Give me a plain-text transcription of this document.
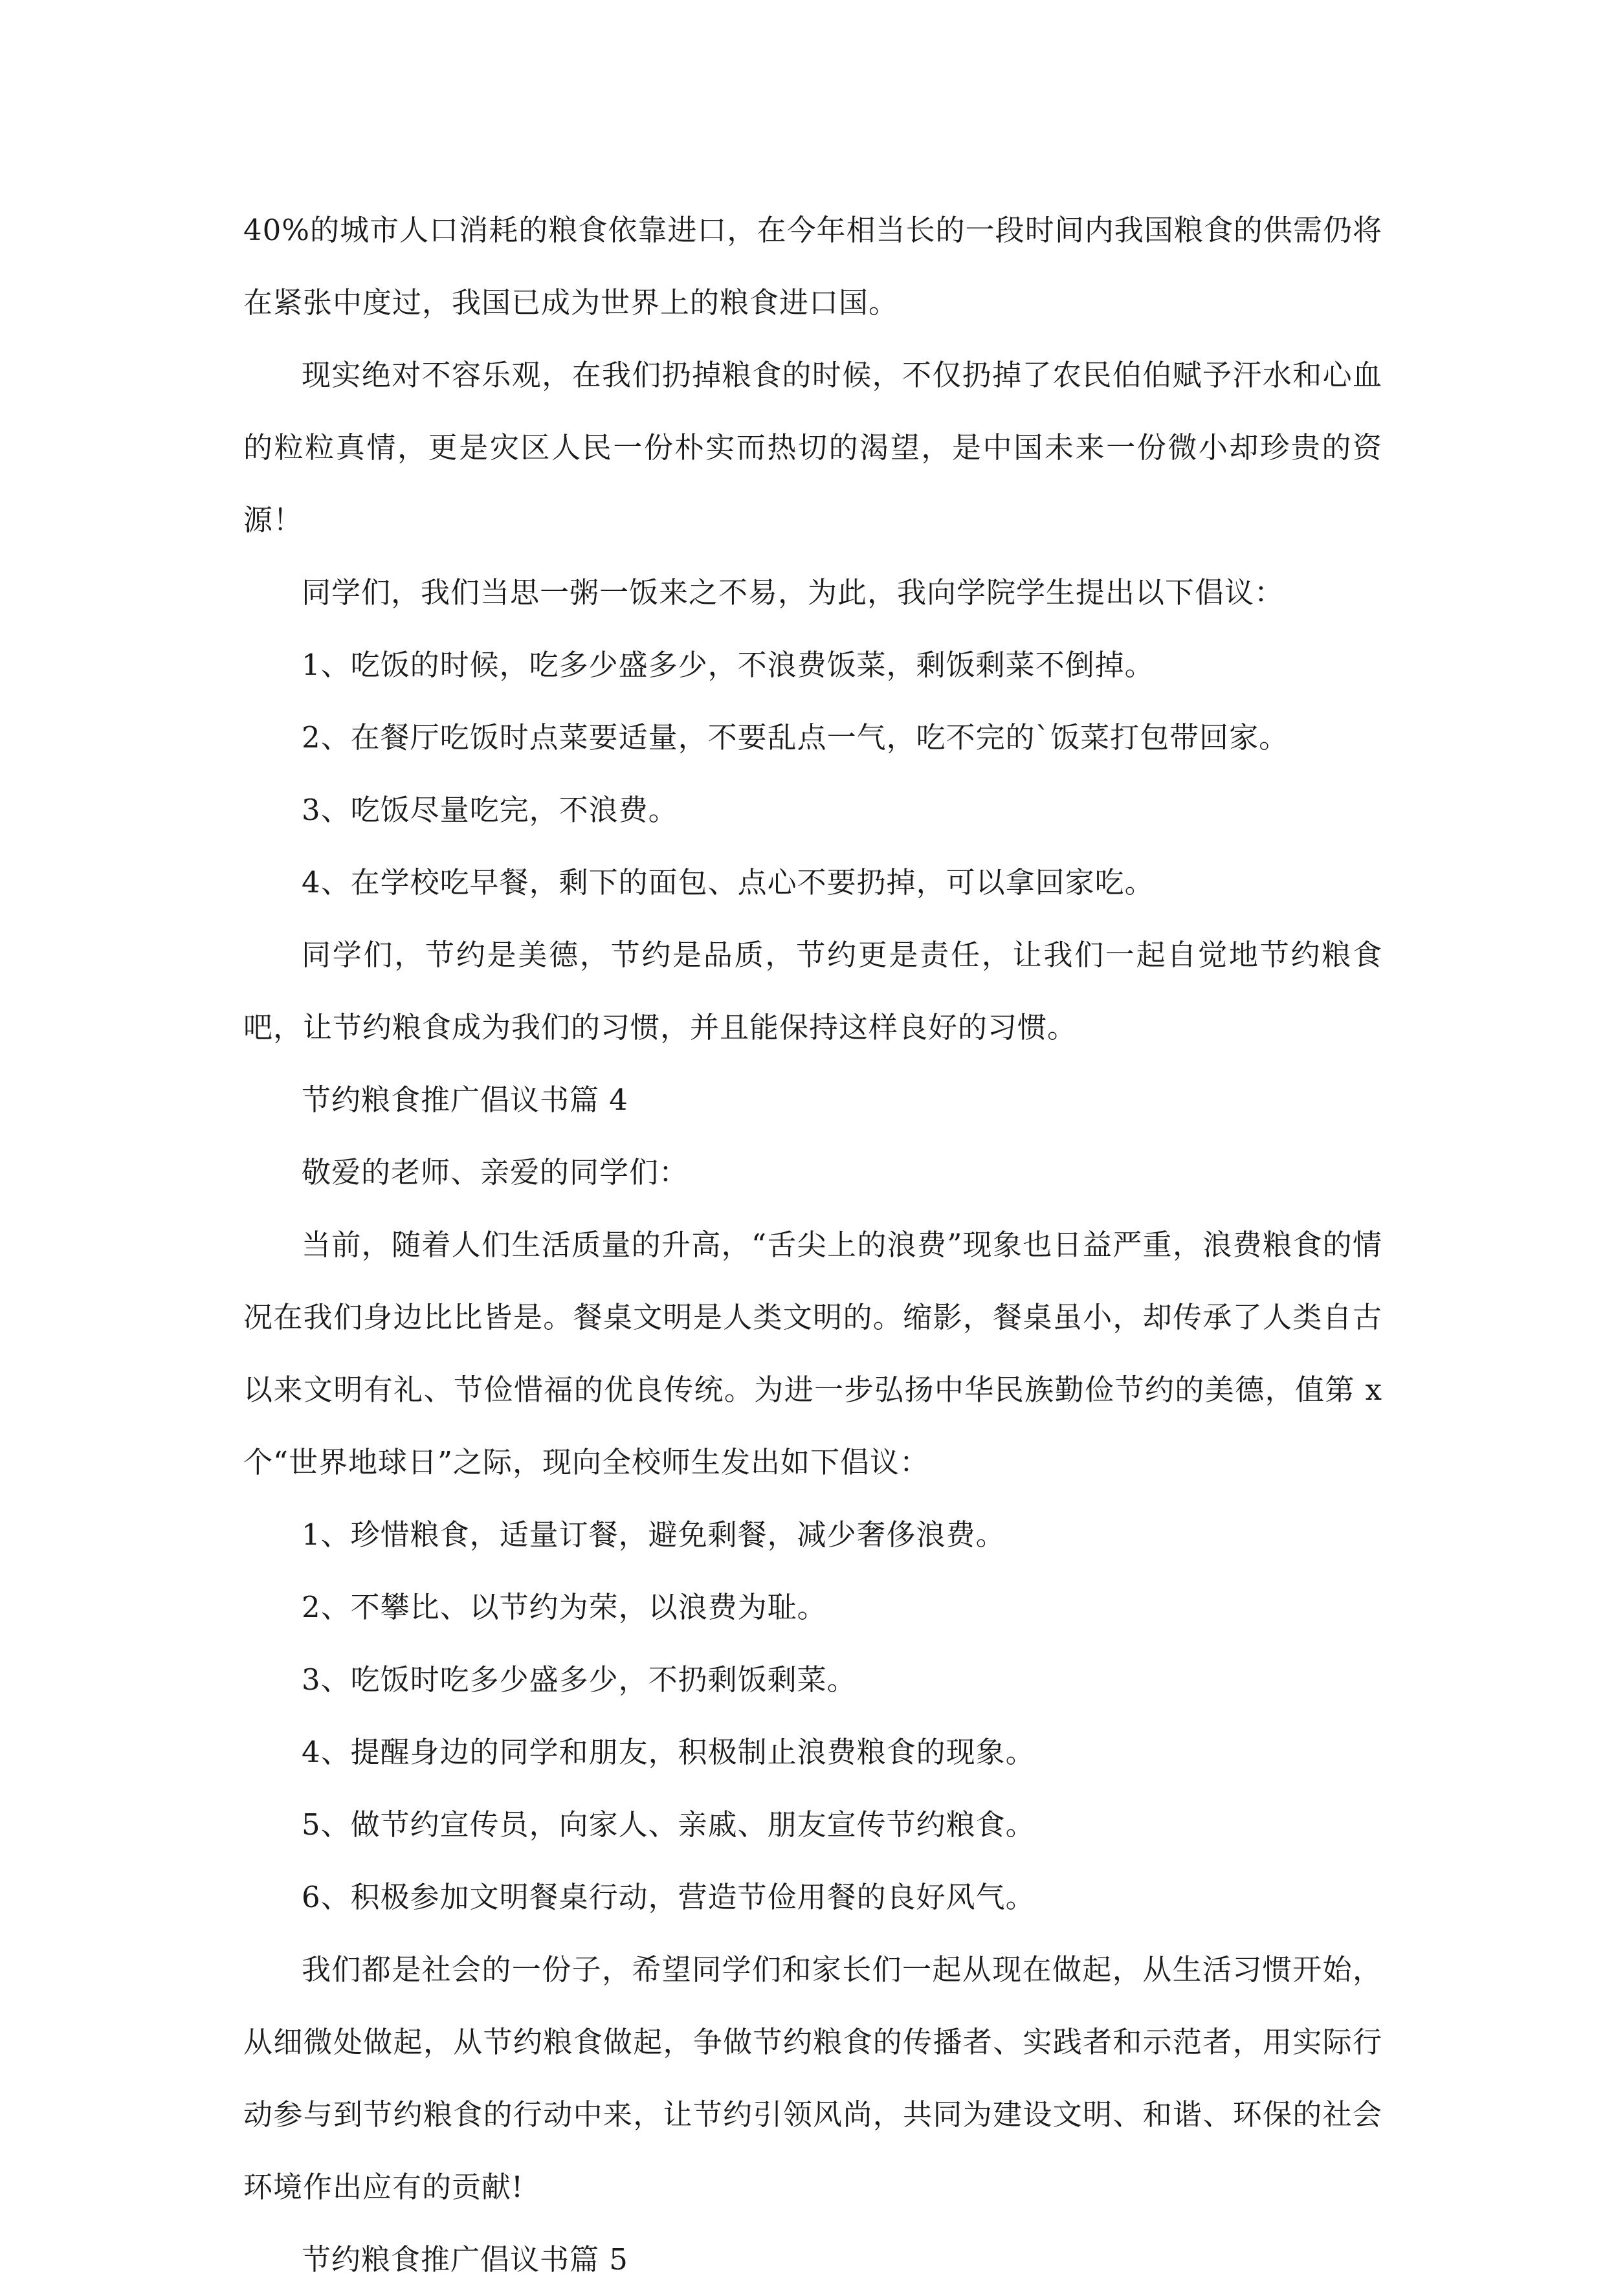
40%的城市人口消耗的粮食依靠进口，在今年相当长的一段时间内我国粮食的供需仍将在紧张中度过，我国已成为世界上的粮食进口国。

现实绝对不容乐观，在我们扔掉粮食的时候，不仅扔掉了农民伯伯赋予汗水和心血的粒粒真情，更是灾区人民一份朴实而热切的渴望，是中国未来一份微小却珍贵的资源！

同学们，我们当思一粥一饭来之不易，为此，我向学院学生提出以下倡议：

1、吃饭的时候，吃多少盛多少，不浪费饭菜，剩饭剩菜不倒掉。

2、在餐厅吃饭时点菜要适量，不要乱点一气，吃不完的`饭菜打包带回家。

3、吃饭尽量吃完，不浪费。

4、在学校吃早餐，剩下的面包、点心不要扔掉，可以拿回家吃。

同学们，节约是美德，节约是品质，节约更是责任，让我们一起自觉地节约粮食吧，让节约粮食成为我们的习惯，并且能保持这样良好的习惯。

节约粮食推广倡议书篇 4

敬爱的老师、亲爱的同学们：

当前，随着人们生活质量的升高，“舌尖上的浪费”现象也日益严重，浪费粮食的情况在我们身边比比皆是。餐桌文明是人类文明的。缩影，餐桌虽小，却传承了人类自古以来文明有礼、节俭惜福的优良传统。为进一步弘扬中华民族勤俭节约的美德，值第 x 个“世界地球日”之际，现向全校师生发出如下倡议：

1、珍惜粮食，适量订餐，避免剩餐，减少奢侈浪费。

2、不攀比、以节约为荣，以浪费为耻。

3、吃饭时吃多少盛多少，不扔剩饭剩菜。

4、提醒身边的同学和朋友，积极制止浪费粮食的现象。

5、做节约宣传员，向家人、亲戚、朋友宣传节约粮食。

6、积极参加文明餐桌行动，营造节俭用餐的良好风气。

我们都是社会的一份子，希望同学们和家长们一起从现在做起，从生活习惯开始，从细微处做起，从节约粮食做起，争做节约粮食的传播者、实践者和示范者，用实际行动参与到节约粮食的行动中来，让节约引领风尚，共同为建设文明、和谐、环保的社会环境作出应有的贡献!

节约粮食推广倡议书篇 5
